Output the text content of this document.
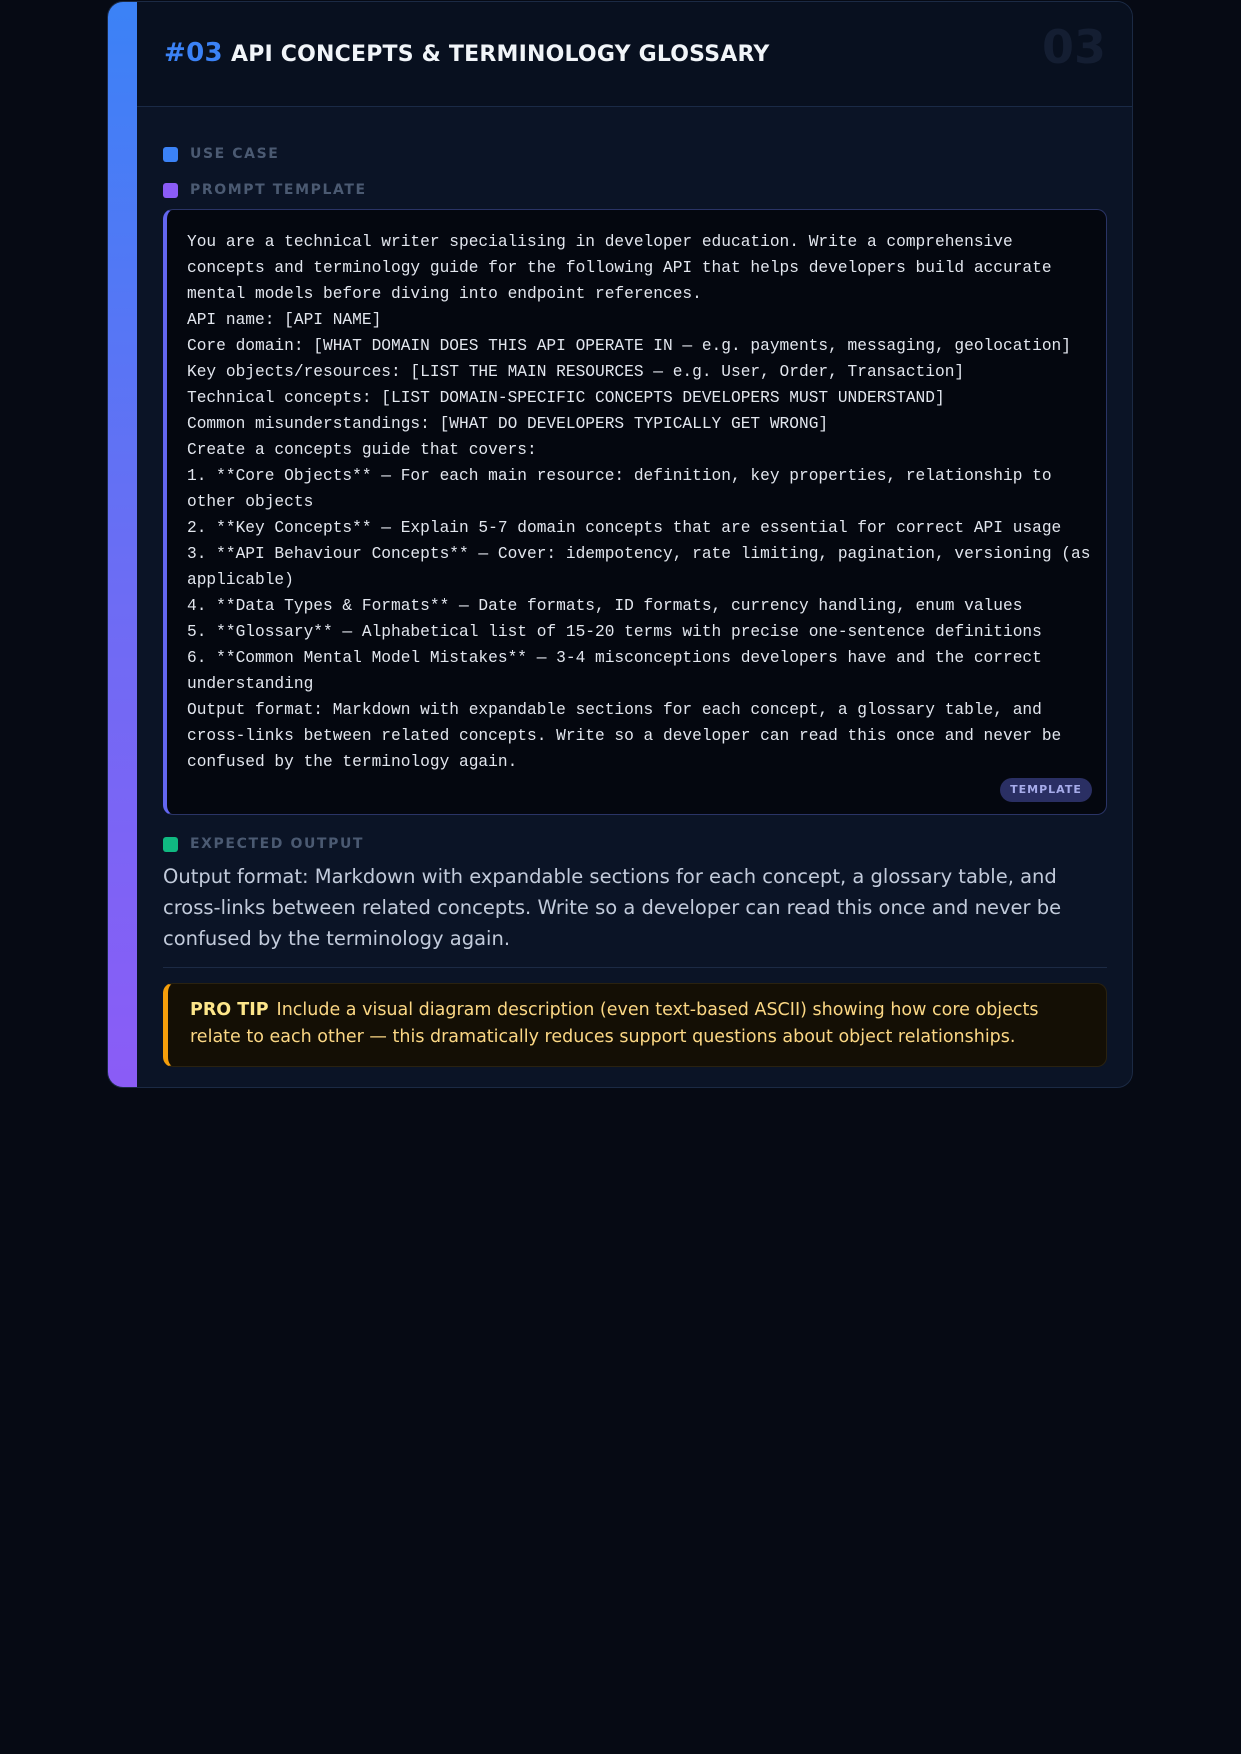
#03 API CONCEPTS & TERMINOLOGY GLOSSARY	03
USE CASE
PROMPT TEMPLATE
You are a technical writer specialising in developer education. Write a comprehensive concepts and terminology guide for the following API that helps developers build accurate mental models before diving into endpoint references.
API name: [API NAME]
Core domain: [WHAT DOMAIN DOES THIS API OPERATE IN — e.g. payments, messaging, geolocation]
Key objects/resources: [LIST THE MAIN RESOURCES — e.g. User, Order, Transaction]
Technical concepts: [LIST DOMAIN-SPECIFIC CONCEPTS DEVELOPERS MUST UNDERSTAND]
Common misunderstandings: [WHAT DO DEVELOPERS TYPICALLY GET WRONG]
Create a concepts guide that covers:
1. **Core Objects** — For each main resource: definition, key properties, relationship to other objects
2. **Key Concepts** — Explain 5-7 domain concepts that are essential for correct API usage
3. **API Behaviour Concepts** — Cover: idempotency, rate limiting, pagination, versioning (as applicable)
4. **Data Types & Formats** — Date formats, ID formats, currency handling, enum values
5. **Glossary** — Alphabetical list of 15-20 terms with precise one-sentence definitions
6. **Common Mental Model Mistakes** — 3-4 misconceptions developers have and the correct understanding
Output format: Markdown with expandable sections for each concept, a glossary table, and cross-links between related concepts. Write so a developer can read this once and never be confused by the terminology again.
TEMPLATE
EXPECTED OUTPUT
Output format: Markdown with expandable sections for each concept, a glossary table, and cross-links between related concepts. Write so a developer can read this once and never be confused by the terminology again.
PRO TIP Include a visual diagram description (even text-based ASCII) showing how core objects relate to each other — this dramatically reduces support questions about object relationships.
